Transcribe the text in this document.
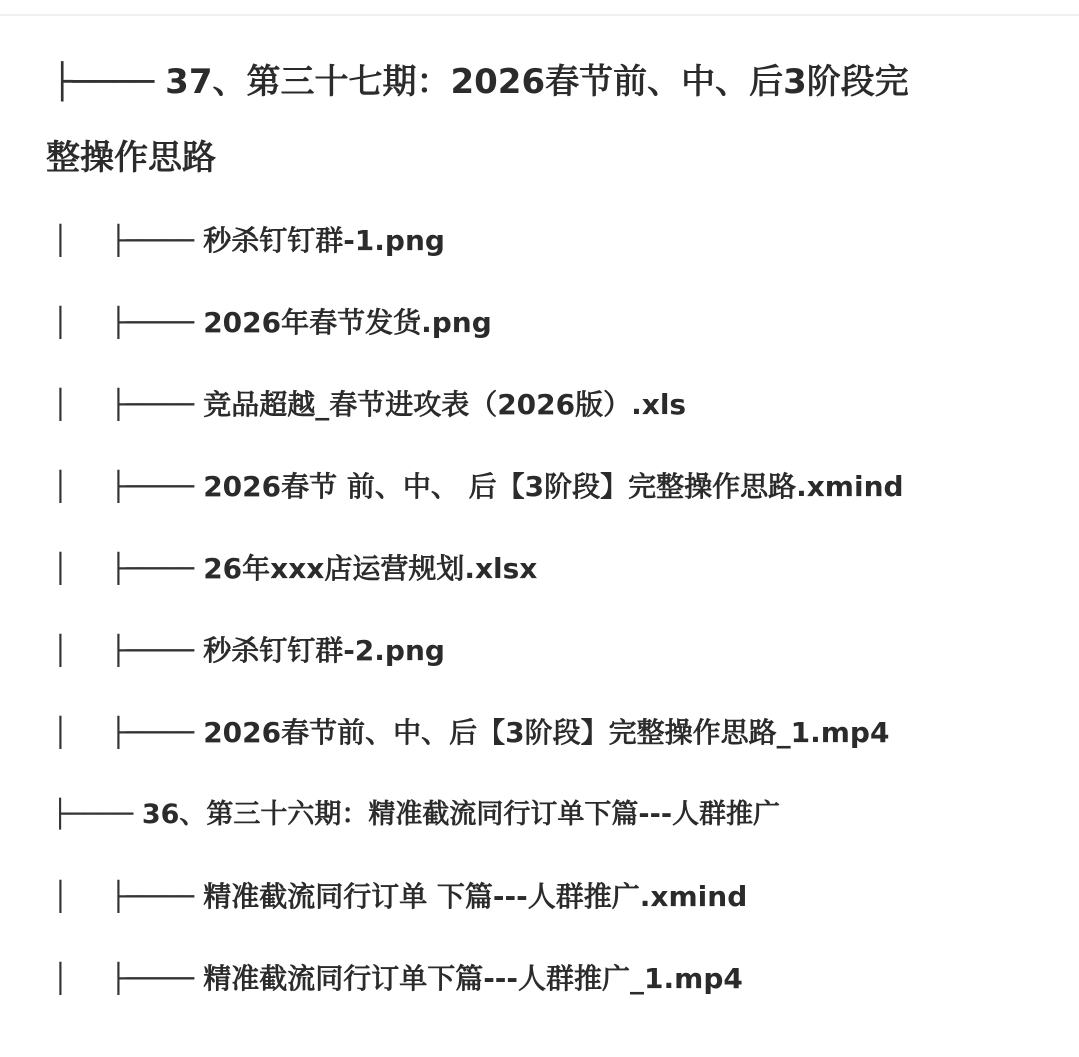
├──── 37、第三十七期：2026春节前、中、后3阶段完
整操作思路
│ ├──── 秒杀钉钉群-1.png
│ ├──── 2026年春节发货.png
│ ├──── 竞品超越_春节进攻表（2026版）.xls
│ ├──── 2026春节 前、中、 后【3阶段】完整操作思路.xmind
│ ├──── 26年xxx店运营规划.xlsx
│ ├──── 秒杀钉钉群-2.png
│ ├──── 2026春节前、中、后【3阶段】完整操作思路_1.mp4
├──── 36、第三十六期：精准截流同行订单下篇---人群推广
│ ├──── 精准截流同行订单 下篇---人群推广.xmind
│ ├──── 精准截流同行订单下篇---人群推广_1.mp4
